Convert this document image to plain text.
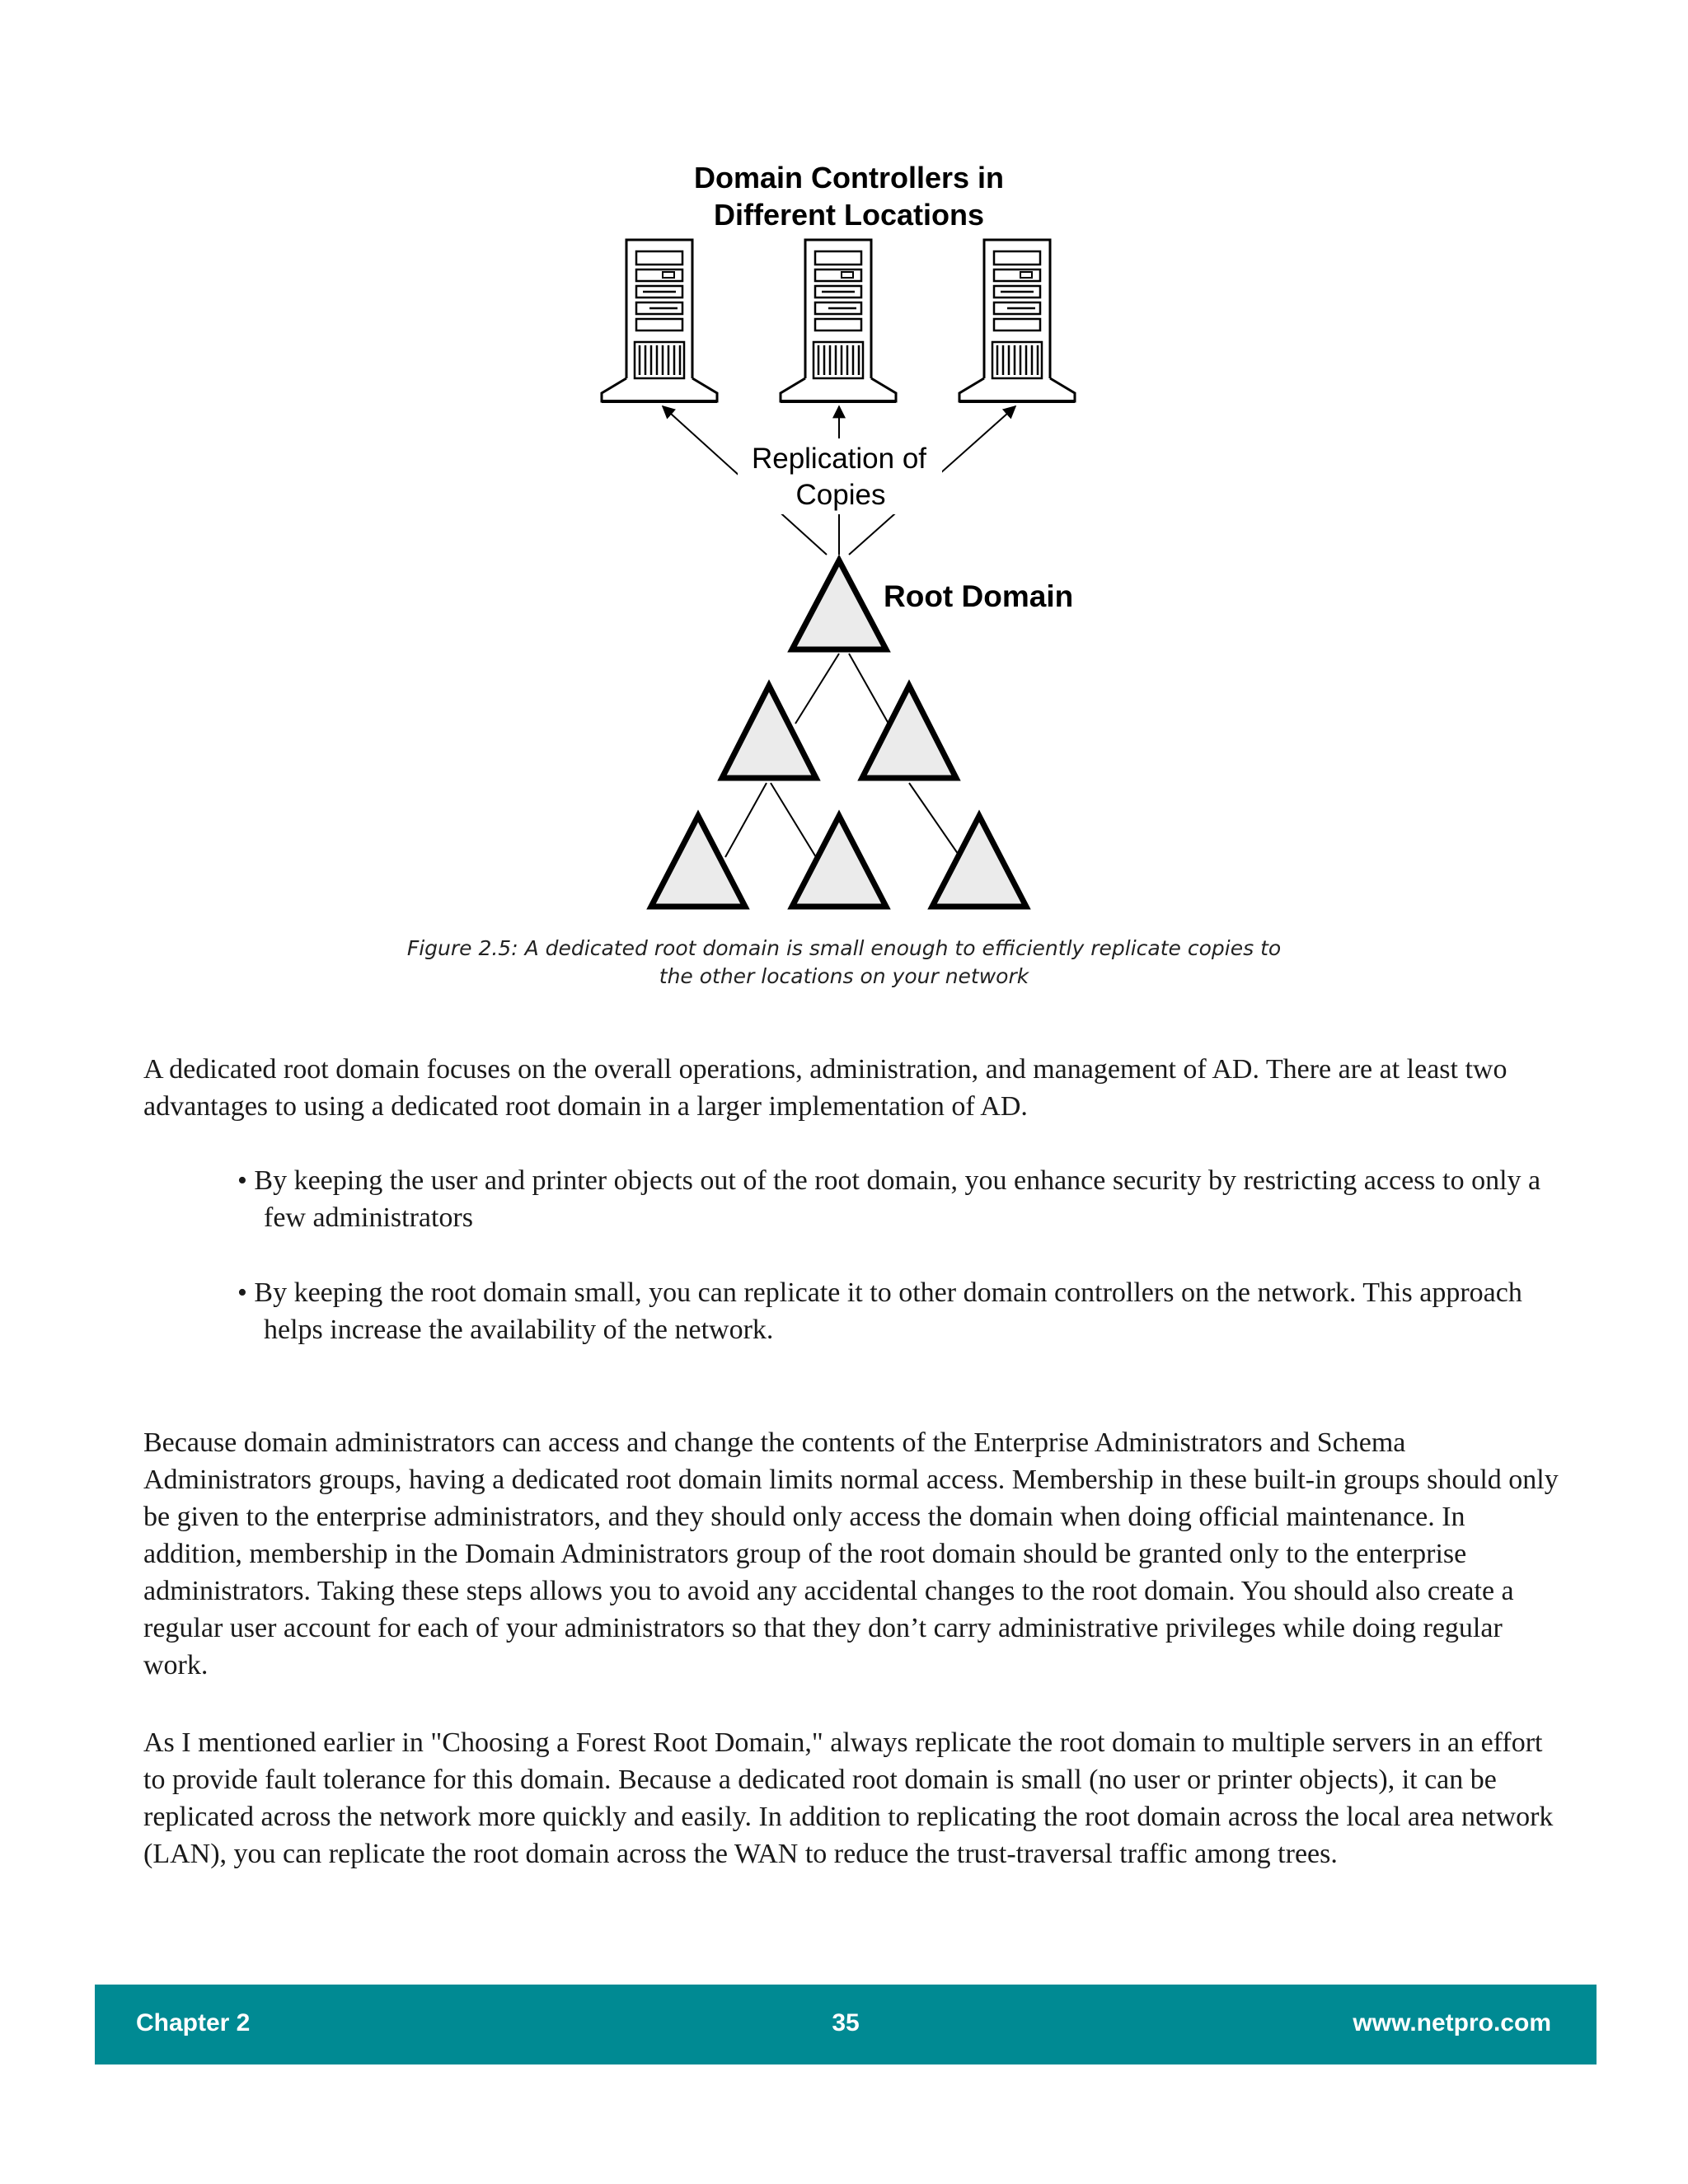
Domain Controllers in
Different Locations
Replication of
Copies
Root Domain
Figure 2.5: A dedicated root domain is small enough to efficiently replicate copies to
the other locations on your network

A dedicated root domain focuses on the overall operations, administration, and management of AD. There are at least two advantages to using a dedicated root domain in a larger implementation of AD.

• By keeping the user and printer objects out of the root domain, you enhance security by restricting access to only a few administrators

• By keeping the root domain small, you can replicate it to other domain controllers on the network. This approach helps increase the availability of the network.

Because domain administrators can access and change the contents of the Enterprise Administrators and Schema Administrators groups, having a dedicated root domain limits normal access. Membership in these built-in groups should only be given to the enterprise administrators, and they should only access the domain when doing official maintenance. In addition, membership in the Domain Administrators group of the root domain should be granted only to the enterprise administrators. Taking these steps allows you to avoid any accidental changes to the root domain. You should also create a regular user account for each of your administrators so that they don’t carry administrative privileges while doing regular work.

As I mentioned earlier in "Choosing a Forest Root Domain," always replicate the root domain to multiple servers in an effort to provide fault tolerance for this domain. Because a dedicated root domain is small (no user or printer objects), it can be replicated across the network more quickly and easily. In addition to replicating the root domain across the local area network (LAN), you can replicate the root domain across the WAN to reduce the trust-traversal traffic among trees.

Chapter 2	35	www.netpro.com
